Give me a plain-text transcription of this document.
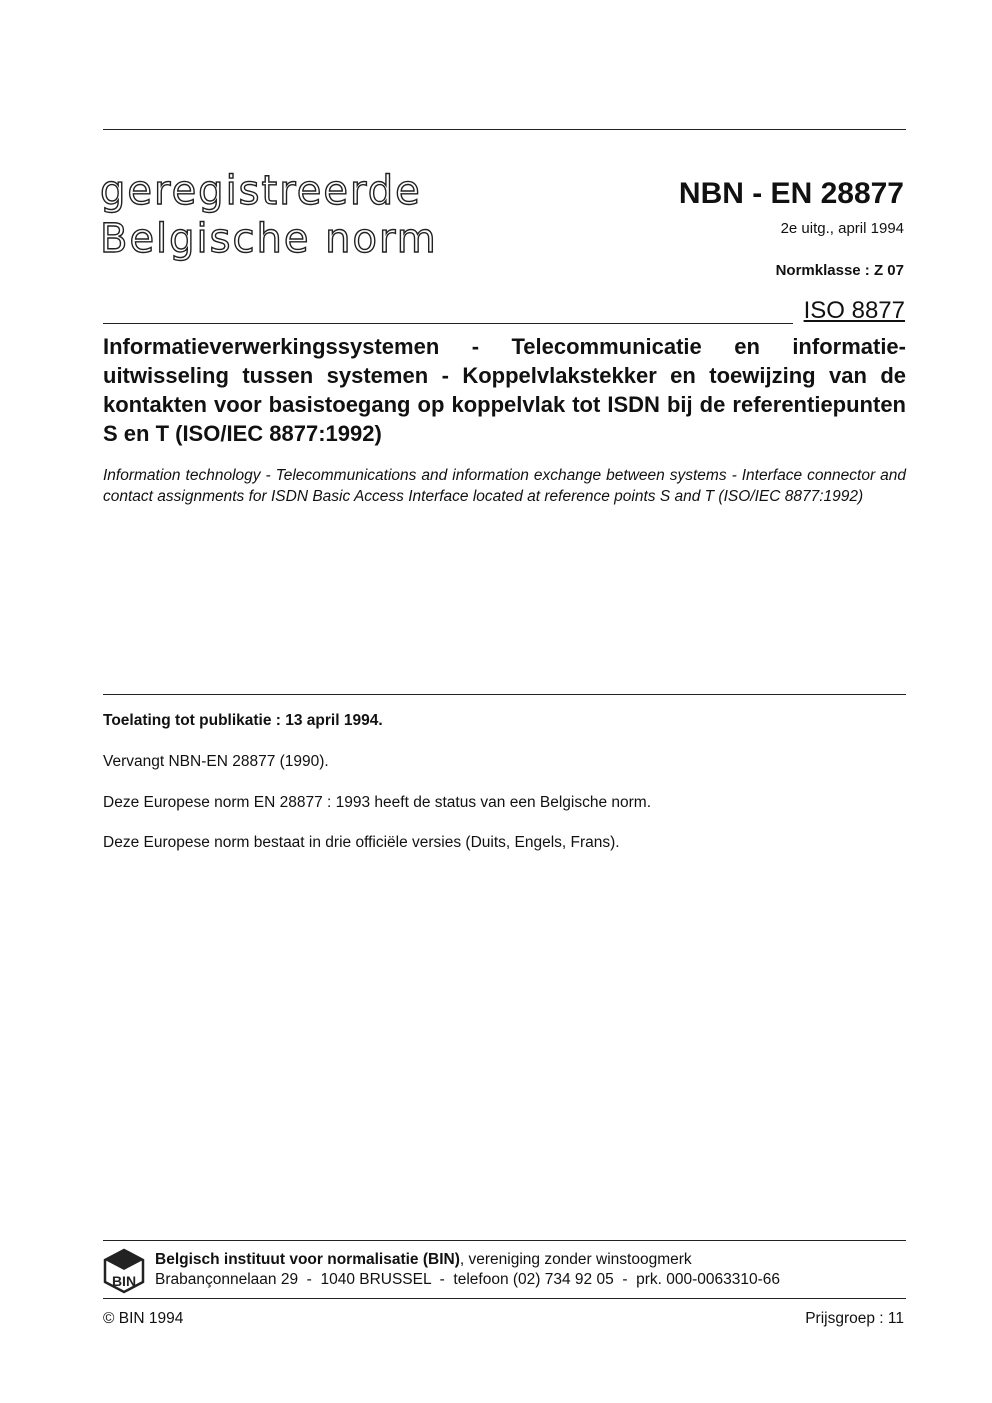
geregistreerde
Belgische norm
NBN - EN 28877
2e uitg., april 1994
Normklasse : Z 07
ISO 8877
Informatieverwerkingssystemen - Telecommunicatie en informatie-uitwisseling tussen systemen - Koppelvlakstekker en toewijzing van de kontakten voor basistoegang op koppelvlak tot ISDN bij de referentiepunten S en T (ISO/IEC 8877:1992)
Information technology - Telecommunications and information exchange between systems - Interface connector and contact assignments for ISDN Basic Access Interface located at reference points S and T (ISO/IEC 8877:1992)
Toelating tot publikatie : 13 april 1994.
Vervangt NBN-EN 28877 (1990).
Deze Europese norm EN 28877 : 1993 heeft de status van een Belgische norm.
Deze Europese norm bestaat in drie officiële versies (Duits, Engels, Frans).
BIN
Belgisch instituut voor normalisatie (BIN), vereniging zonder winstoogmerk
Brabançonnelaan 29  -  1040 BRUSSEL  -  telefoon (02) 734 92 05  -  prk. 000-0063310-66
© BIN 1994	Prijsgroep : 11
